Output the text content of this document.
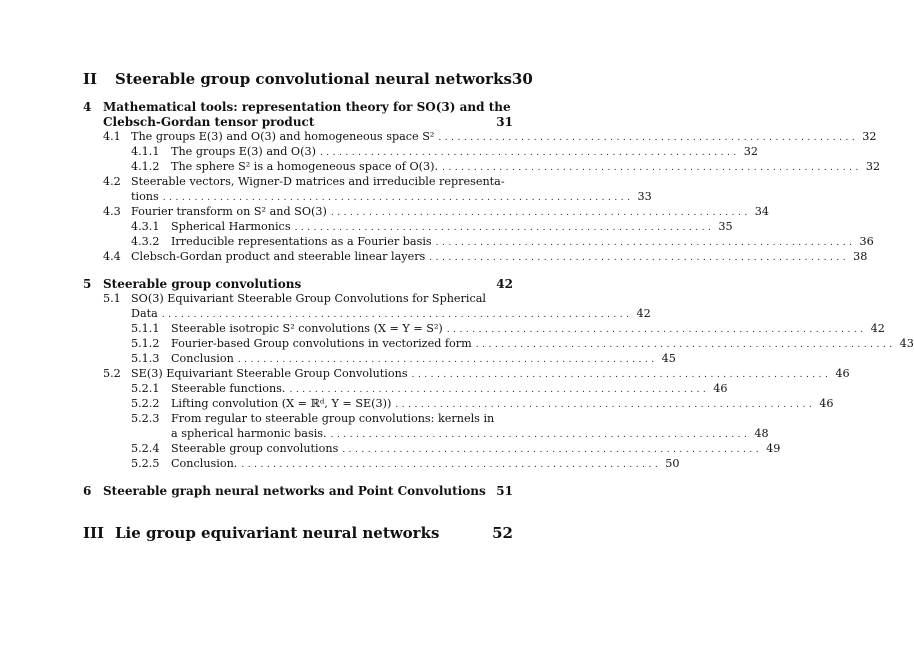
II	Steerable group convolutional neural networks 30
4 Mathematical tools: representation theory for SO(3) and the
Clebsch-Gordan tensor product	31
4.1 The groups E(3) and O(3) and homogeneous space S² .................................................................. 32
4.1.1	The groups E(3) and O(3) .................................................................. 32
4.1.2	The sphere S² is a homogeneous space of O(3). .................................................................. 32
4.2 Steerable vectors, Wigner-D matrices and irreducible representa-
tions .......................................................................... 33
4.3 Fourier transform on S² and SO(3) .................................................................. 34
4.3.1	Spherical Harmonics .................................................................. 35
4.3.2	Irreducible representations as a Fourier basis .................................................................. 36
4.4 Clebsch-Gordan product and steerable linear layers .................................................................. 38
5 Steerable group convolutions	42
5.1 SO(3) Equivariant Steerable Group Convolutions for Spherical
Data .......................................................................... 42
5.1.1	Steerable isotropic S² convolutions (X = Y = S²) .................................................................. 42
5.1.2	Fourier-based Group convolutions in vectorized form .................................................................. 43
5.1.3	Conclusion .................................................................. 45
5.2 SE(3) Equivariant Steerable Group Convolutions .................................................................. 46
5.2.1	Steerable functions. .................................................................. 46
5.2.2	Lifting convolution (X = ℝᵈ, Y = SE(3)) .................................................................. 46
5.2.3	From regular to steerable group convolutions: kernels in
a spherical harmonic basis. .................................................................. 48
5.2.4	Steerable group convolutions .................................................................. 49
5.2.5	Conclusion. .................................................................. 50
6 Steerable graph neural networks and Point Convolutions 51
III Lie group equivariant neural networks	52
